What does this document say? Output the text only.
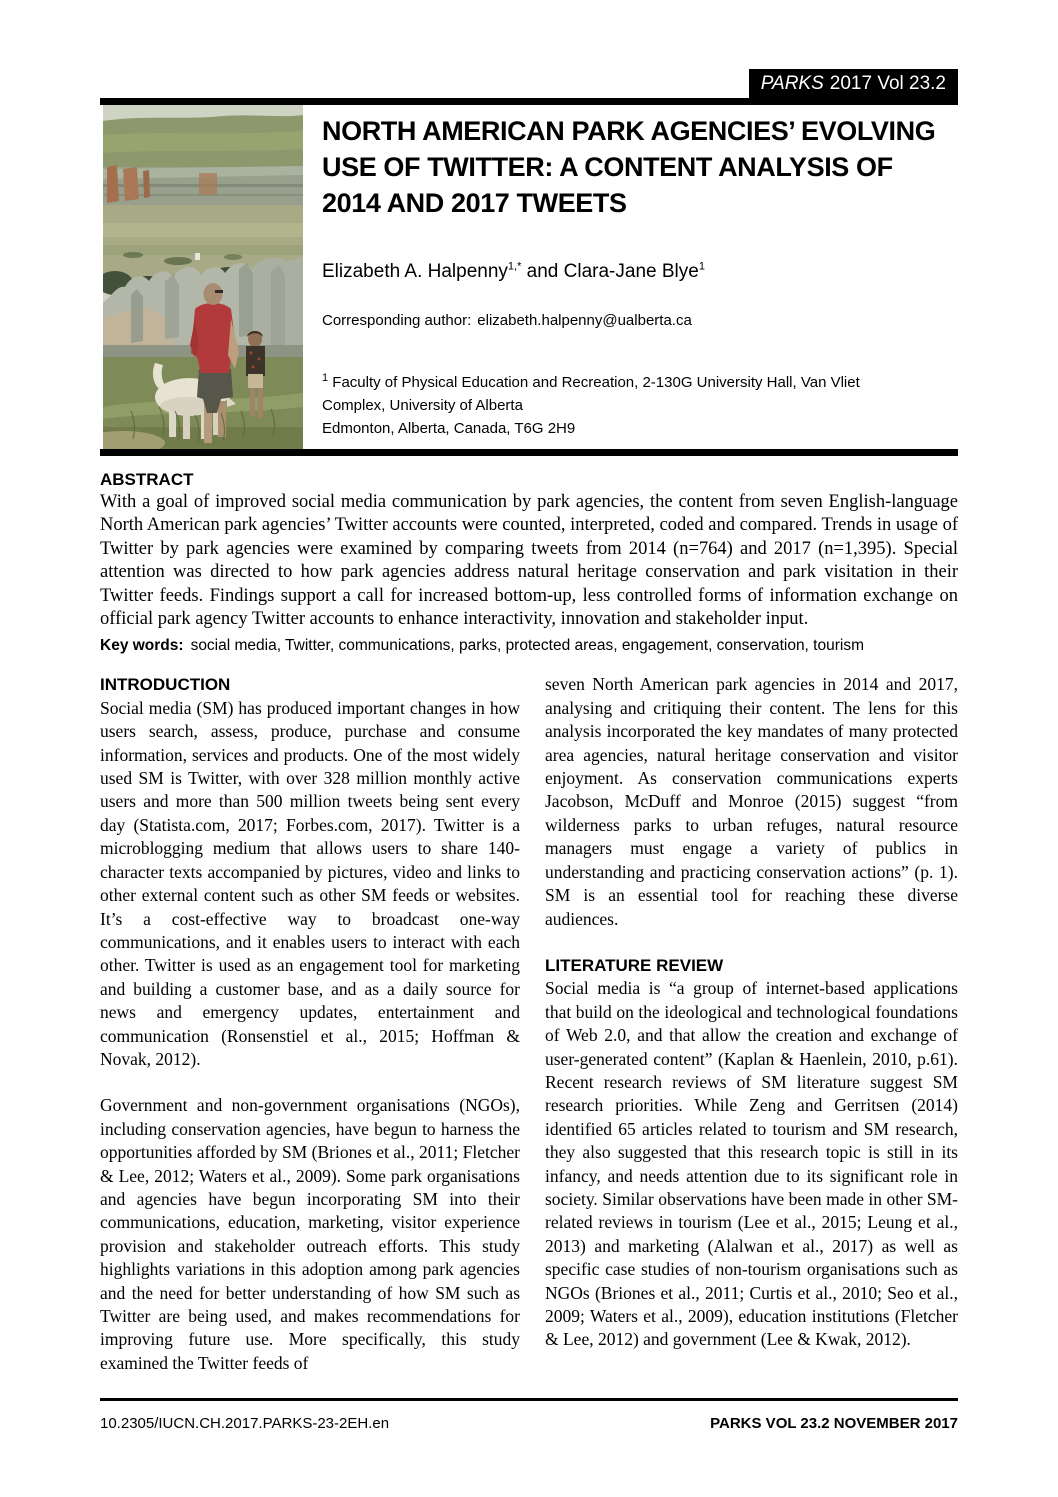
PARKS 2017 Vol 23.2
NORTH AMERICAN PARK AGENCIES’ EVOLVING USE OF TWITTER: A CONTENT ANALYSIS OF 2014 AND 2017 TWEETS
Elizabeth A. Halpenny$^{1,*}$ and Clara-Jane Blye$^1$
Corresponding author: elizabeth.halpenny@ualberta.ca
$^1$ Faculty of Physical Education and Recreation, 2-130G University Hall, Van Vliet Complex, University of Alberta
Edmonton, Alberta, Canada, T6G 2H9
ABSTRACT
With a goal of improved social media communication by park agencies, the content from seven English-language North American park agencies’ Twitter accounts were counted, interpreted, coded and compared. Trends in usage of Twitter by park agencies were examined by comparing tweets from 2014 (n=764) and 2017 (n=1,395). Special attention was directed to how park agencies address natural heritage conservation and park visitation in their Twitter feeds. Findings support a call for increased bottom-up, less controlled forms of information exchange on official park agency Twitter accounts to enhance interactivity, innovation and stakeholder input.
Key words: social media, Twitter, communications, parks, protected areas, engagement, conservation, tourism
INTRODUCTION

Social media (SM) has produced important changes in how users search, assess, produce, purchase and consume information, services and products. One of the most widely used SM is Twitter, with over 328 million monthly active users and more than 500 million tweets being sent every day (Statista.com, 2017; Forbes.com, 2017). Twitter is a microblogging medium that allows users to share 140-character texts accompanied by pictures, video and links to other external content such as other SM feeds or websites. It’s a cost-effective way to broadcast one-way communications, and it enables users to interact with each other. Twitter is used as an engagement tool for marketing and building a customer base, and as a daily source for news and emergency updates, entertainment and communication (Ronsenstiel et al., 2015; Hoffman & Novak, 2012).

Government and non-government organisations (NGOs), including conservation agencies, have begun to harness the opportunities afforded by SM (Briones et al., 2011; Fletcher & Lee, 2012; Waters et al., 2009). Some park organisations and agencies have begun incorporating SM into their communications, education, marketing, visitor experience provision and stakeholder outreach efforts. This study highlights variations in this adoption among park agencies and the need for better understanding of how SM such as Twitter are being used, and makes recommendations for improving future use. More specifically, this study examined the Twitter feeds of

seven North American park agencies in 2014 and 2017, analysing and critiquing their content. The lens for this analysis incorporated the key mandates of many protected area agencies, natural heritage conservation and visitor enjoyment. As conservation communications experts Jacobson, McDuff and Monroe (2015) suggest “from wilderness parks to urban refuges, natural resource managers must engage a variety of publics in understanding and practicing conservation actions” (p. 1). SM is an essential tool for reaching these diverse audiences.

LITERATURE REVIEW

Social media is “a group of internet-based applications that build on the ideological and technological foundations of Web 2.0, and that allow the creation and exchange of user-generated content” (Kaplan & Haenlein, 2010, p.61). Recent research reviews of SM literature suggest SM research priorities. While Zeng and Gerritsen (2014) identified 65 articles related to tourism and SM research, they also suggested that this research topic is still in its infancy, and needs attention due to its significant role in society. Similar observations have been made in other SM-related reviews in tourism (Lee et al., 2015; Leung et al., 2013) and marketing (Alalwan et al., 2017) as well as specific case studies of non-tourism organisations such as NGOs (Briones et al., 2011; Curtis et al., 2010; Seo et al., 2009; Waters et al., 2009), education institutions (Fletcher & Lee, 2012) and government (Lee & Kwak, 2012).

10.2305/IUCN.CH.2017.PARKS-23-2EH.en	PARKS VOL 23.2 NOVEMBER 2017
